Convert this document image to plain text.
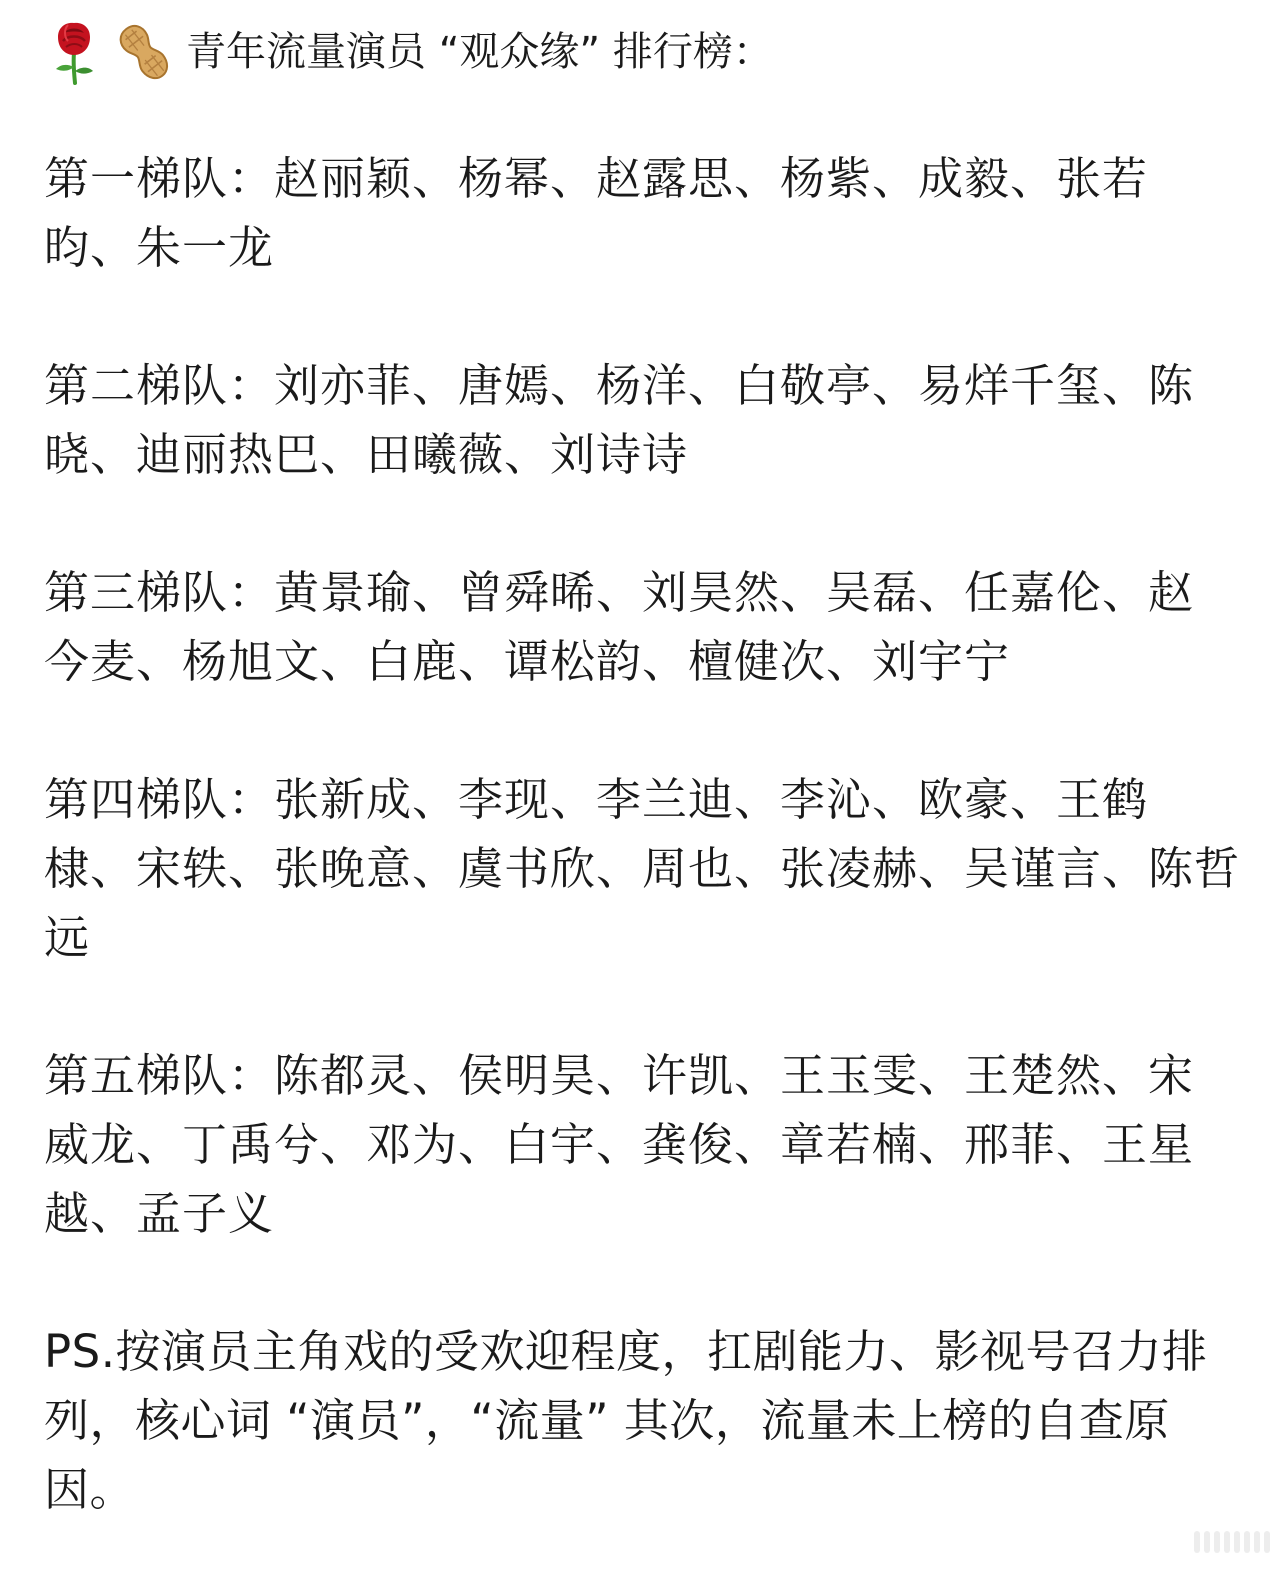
青年流量演员 “观众缘” 排行榜：

第一梯队：赵丽颖、杨幂、赵露思、杨紫、成毅、张若昀、朱一龙

第二梯队：刘亦菲、唐嫣、杨洋、白敬亭、易烊千玺、陈晓、迪丽热巴、田曦薇、刘诗诗

第三梯队：黄景瑜、曾舜晞、刘昊然、吴磊、任嘉伦、赵今麦、杨旭文、白鹿、谭松韵、檀健次、刘宇宁

第四梯队：张新成、李现、李兰迪、李沁、欧豪、王鹤棣、宋轶、张晚意、虞书欣、周也、张凌赫、吴谨言、陈哲远

第五梯队：陈都灵、侯明昊、许凯、王玉雯、王楚然、宋威龙、丁禹兮、邓为、白宇、龚俊、章若楠、邢菲、王星越、孟子义

PS.按演员主角戏的受欢迎程度，扛剧能力、影视号召力排列，核心词 “演员”，“流量” 其次，流量未上榜的自查原因。
